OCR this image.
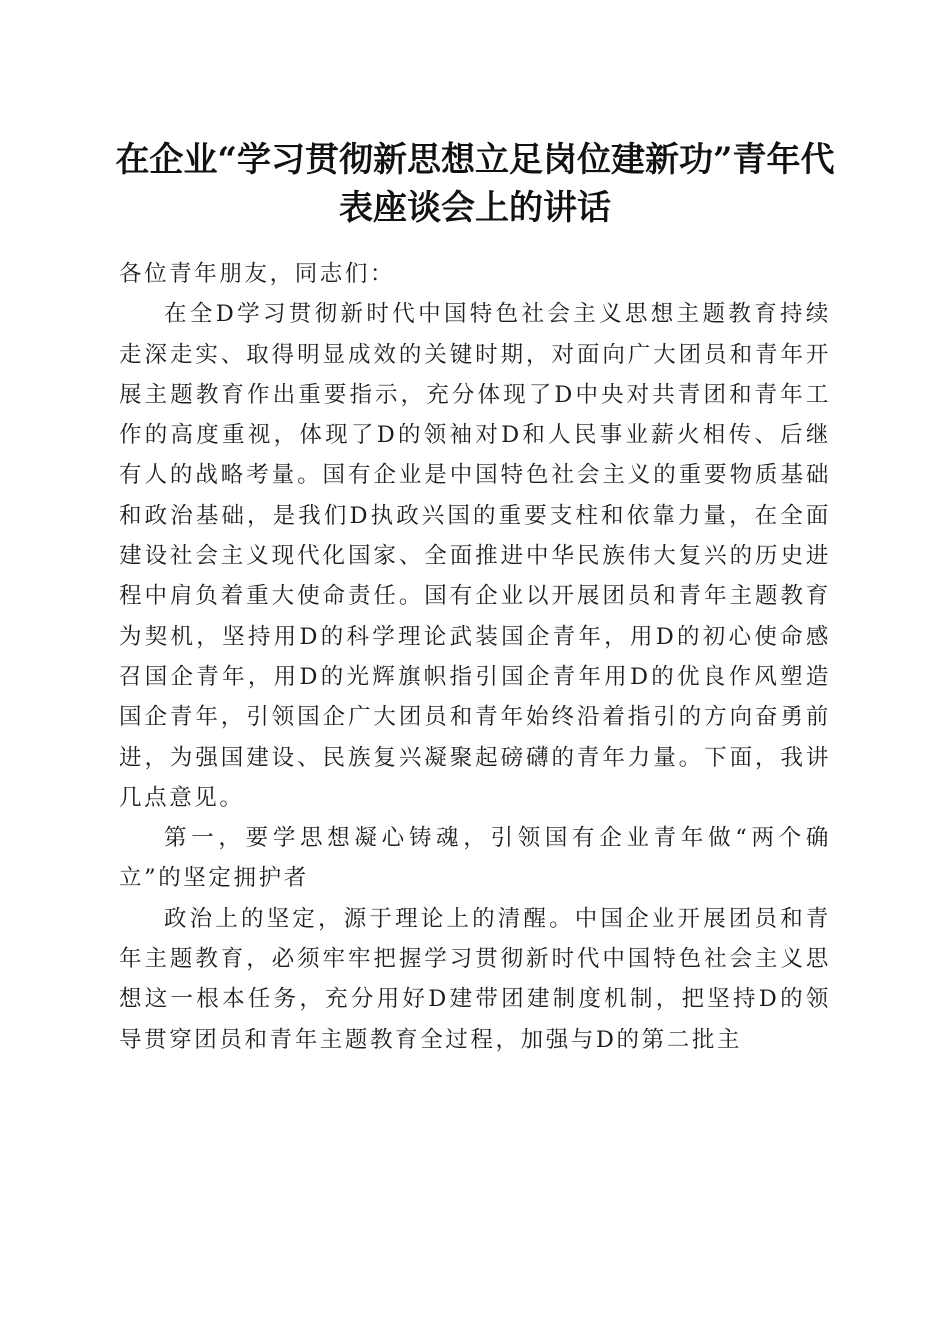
在企业“学习贯彻新思想立足岗位建新功”青年代表座谈会上的讲话

各位青年朋友，同志们：

在全D学习贯彻新时代中国特色社会主义思想主题教育持续走深走实、取得明显成效的关键时期，对面向广大团员和青年开展主题教育作出重要指示，充分体现了D中央对共青团和青年工作的高度重视，体现了D的领袖对D和人民事业薪火相传、后继有人的战略考量。国有企业是中国特色社会主义的重要物质基础和政治基础，是我们D执政兴国的重要支柱和依靠力量，在全面建设社会主义现代化国家、全面推进中华民族伟大复兴的历史进程中肩负着重大使命责任。国有企业以开展团员和青年主题教育为契机，坚持用D的科学理论武装国企青年，用D的初心使命感召国企青年，用D的光辉旗帜指引国企青年用D的优良作风塑造国企青年，引领国企广大团员和青年始终沿着指引的方向奋勇前进，为强国建设、民族复兴凝聚起磅礴的青年力量。下面，我讲几点意见。

第一，要学思想凝心铸魂，引领国有企业青年做“两个确立”的坚定拥护者

政治上的坚定，源于理论上的清醒。中国企业开展团员和青年主题教育，必须牢牢把握学习贯彻新时代中国特色社会主义思想这一根本任务，充分用好D建带团建制度机制，把坚持D的领导贯穿团员和青年主题教育全过程，加强与D的第二批主
